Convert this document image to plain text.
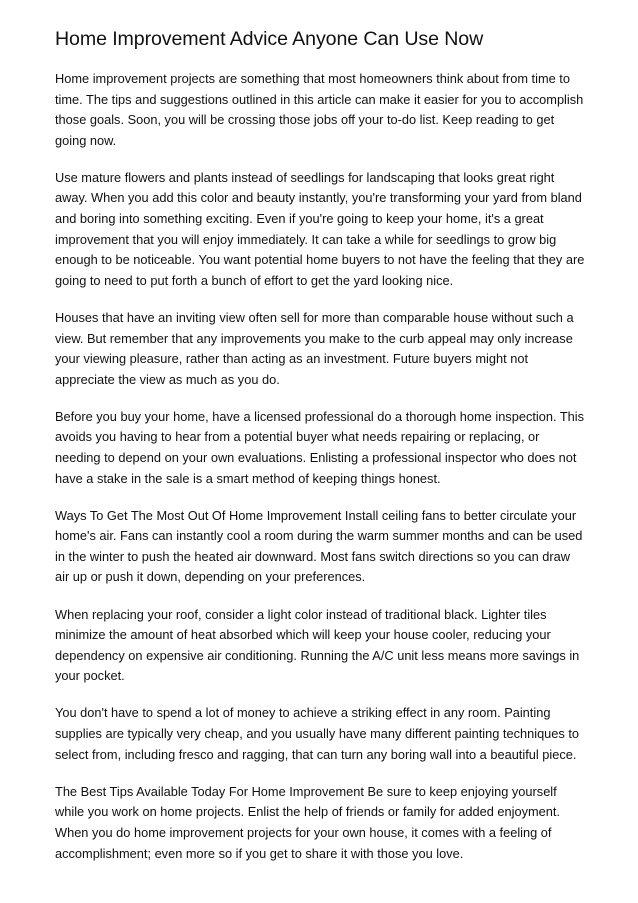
Home Improvement Advice Anyone Can Use Now

Home improvement projects are something that most homeowners think about from time to time. The tips and suggestions outlined in this article can make it easier for you to accomplish those goals. Soon, you will be crossing those jobs off your to-do list. Keep reading to get going now.

Use mature flowers and plants instead of seedlings for landscaping that looks great right away. When you add this color and beauty instantly, you're transforming your yard from bland and boring into something exciting. Even if you're going to keep your home, it's a great improvement that you will enjoy immediately. It can take a while for seedlings to grow big enough to be noticeable. You want potential home buyers to not have the feeling that they are going to need to put forth a bunch of effort to get the yard looking nice.

Houses that have an inviting view often sell for more than comparable house without such a view. But remember that any improvements you make to the curb appeal may only increase your viewing pleasure, rather than acting as an investment. Future buyers might not appreciate the view as much as you do.

Before you buy your home, have a licensed professional do a thorough home inspection. This avoids you having to hear from a potential buyer what needs repairing or replacing, or needing to depend on your own evaluations. Enlisting a professional inspector who does not have a stake in the sale is a smart method of keeping things honest.

Ways To Get The Most Out Of Home Improvement Install ceiling fans to better circulate your home's air. Fans can instantly cool a room during the warm summer months and can be used in the winter to push the heated air downward. Most fans switch directions so you can draw air up or push it down, depending on your preferences.

When replacing your roof, consider a light color instead of traditional black. Lighter tiles minimize the amount of heat absorbed which will keep your house cooler, reducing your dependency on expensive air conditioning. Running the A/C unit less means more savings in your pocket.

You don't have to spend a lot of money to achieve a striking effect in any room. Painting supplies are typically very cheap, and you usually have many different painting techniques to select from, including fresco and ragging, that can turn any boring wall into a beautiful piece.

The Best Tips Available Today For Home Improvement Be sure to keep enjoying yourself while you work on home projects. Enlist the help of friends or family for added enjoyment. When you do home improvement projects for your own house, it comes with a feeling of accomplishment; even more so if you get to share it with those you love.
